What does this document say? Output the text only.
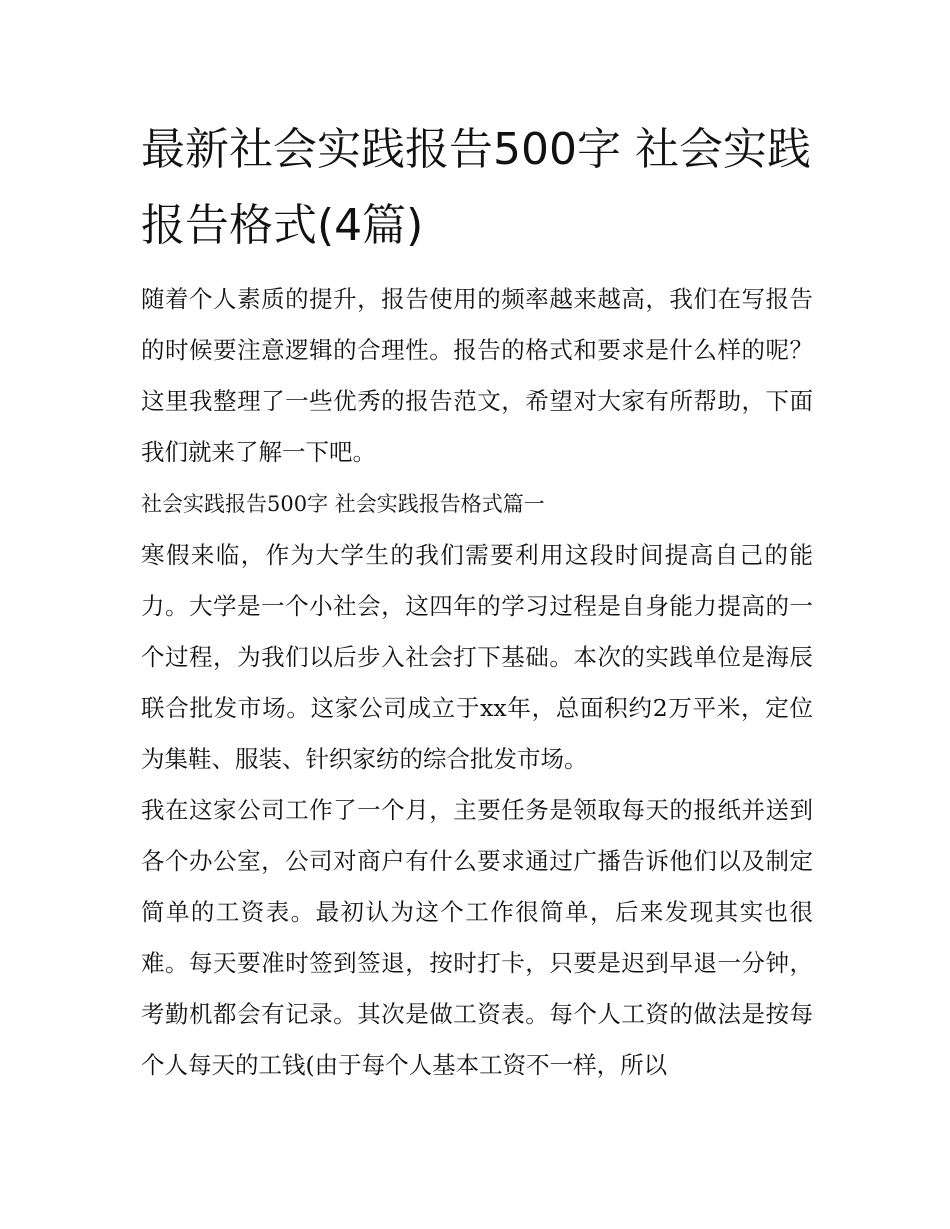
最新社会实践报告500字 社会实践报告格式(4篇)

随着个人素质的提升，报告使用的频率越来越高，我们在写报告的时候要注意逻辑的合理性。报告的格式和要求是什么样的呢？这里我整理了一些优秀的报告范文，希望对大家有所帮助，下面我们就来了解一下吧。

社会实践报告500字 社会实践报告格式篇一

寒假来临，作为大学生的我们需要利用这段时间提高自己的能力。大学是一个小社会，这四年的学习过程是自身能力提高的一个过程，为我们以后步入社会打下基础。本次的实践单位是海辰联合批发市场。这家公司成立于xx年，总面积约2万平米，定位为集鞋、服装、针织家纺的综合批发市场。

我在这家公司工作了一个月，主要任务是领取每天的报纸并送到各个办公室，公司对商户有什么要求通过广播告诉他们以及制定简单的工资表。最初认为这个工作很简单，后来发现其实也很难。每天要准时签到签退，按时打卡，只要是迟到早退一分钟，考勤机都会有记录。其次是做工资表。每个人工资的做法是按每个人每天的工钱(由于每个人基本工资不一样，所以
